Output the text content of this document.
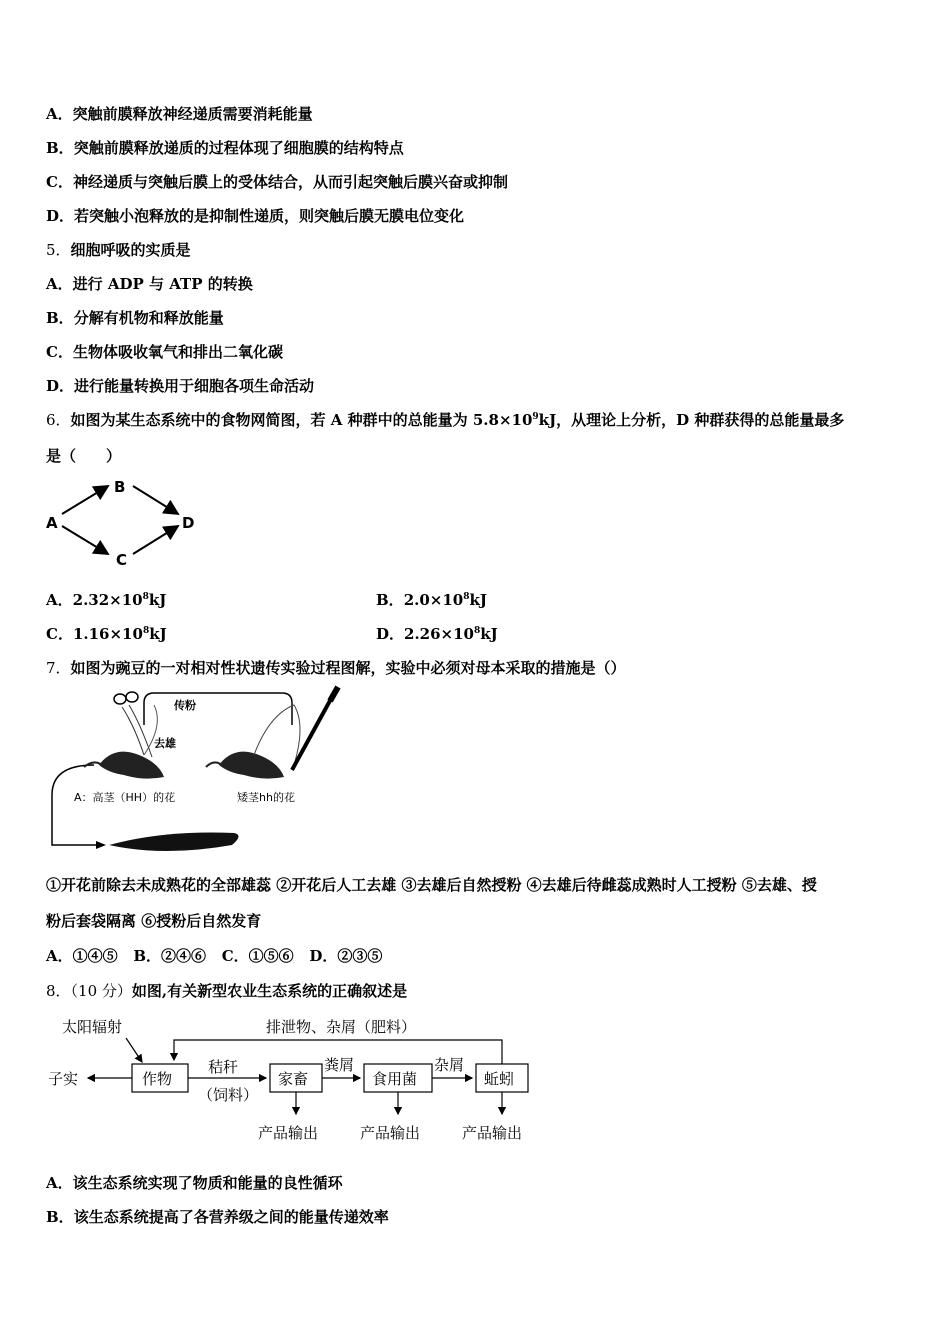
A．突触前膜释放神经递质需要消耗能量
B．突触前膜释放递质的过程体现了细胞膜的结构特点
C．神经递质与突触后膜上的受体结合，从而引起突触后膜兴奋或抑制
D．若突触小泡释放的是抑制性递质，则突触后膜无膜电位变化
5．细胞呼吸的实质是
A．进行 ADP 与 ATP 的转换
B．分解有机物和释放能量
C．生物体吸收氧气和排出二氧化碳
D．进行能量转换用于细胞各项生命活动
6．如图为某生态系统中的食物网简图，若 A 种群中的总能量为 $5.8\times 10^9kJ$，从理论上分析，D 种群获得的总能量最多
是（　　）
A
B
C
D
A．$2.32\times 10^8kJ$	B．$2.0\times 10^8kJ$
C．$1.16\times 10^8kJ$	D．$2.26\times 10^8kJ$
7．如图为豌豆的一对相对性状遗传实验过程图解，实验中必须对母本采取的措施是（）
传粉
去雄
A：高茎（HH）的花	矮茎hh的花
①开花前除去未成熟花的全部雄蕊 ②开花后人工去雄 ③去雄后自然授粉 ④去雄后待雌蕊成熟时人工授粉 ⑤去雄、授
粉后套袋隔离 ⑥授粉后自然发育
A．①④⑤ B．②④⑥ C．①⑤⑥ D．②③⑤
8．（10 分）如图,有关新型农业生态系统的正确叙述是
太阳辐射	排泄物、杂屑（肥料）
作物
子实
秸秆
（饲料）
家畜
粪屑
食用菌
杂屑
蚯蚓
产品输出	产品输出	产品输出
A．该生态系统实现了物质和能量的良性循环
B．该生态系统提高了各营养级之间的能量传递效率
